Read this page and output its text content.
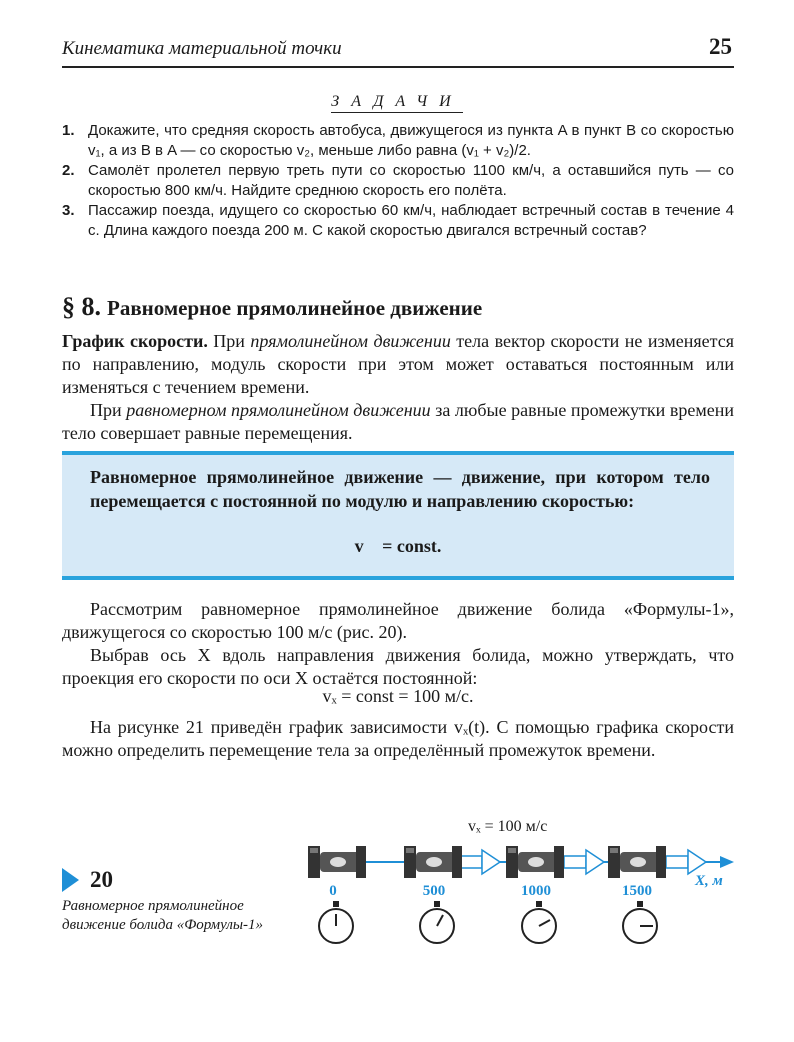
Кинематика материальной точки	25
ЗАДАЧИ
1. Докажите, что средняя скорость автобуса, движущегося из пункта A в пункт B со скоростью v₁, а из B в A — со скоростью v₂, меньше либо равна (v₁ + v₂)/2.
2. Самолёт пролетел первую треть пути со скоростью 1100 км/ч, а оставшийся путь — со скоростью 800 км/ч. Найдите среднюю скорость его полёта.
3. Пассажир поезда, идущего со скоростью 60 км/ч, наблюдает встречный состав в течение 4 с. Длина каждого поезда 200 м. С какой скоростью двигался встречный состав?
§ 8. Равномерное прямолинейное движение

График скорости. При прямолинейном движении тела вектор скорости не изменяется по направлению, модуль скорости при этом может оставаться постоянным или изменяться с течением времени.

При равномерном прямолинейном движении за любые равные промежутки времени тело совершает равные перемещения.

Равномерное прямолинейное движение — движение, при котором тело перемещается с постоянной по модулю и направлению скоростью:
v⃗ = const.

Рассмотрим равномерное прямолинейное движение болида «Формулы-1», движущегося со скоростью 100 м/с (рис. 20).

Выбрав ось X вдоль направления движения болида, можно утверждать, что проекция его скорости по оси X остаётся постоянной:

vₓ = const = 100 м/с.

На рисунке 21 приведён график зависимости vₓ(t). С помощью графика скорости можно определить перемещение тела за определённый промежуток времени.

20
Равномерное прямолинейное движение болида «Формулы-1»
vₓ = 100 м/с
0	500	1000	1500
X, м
